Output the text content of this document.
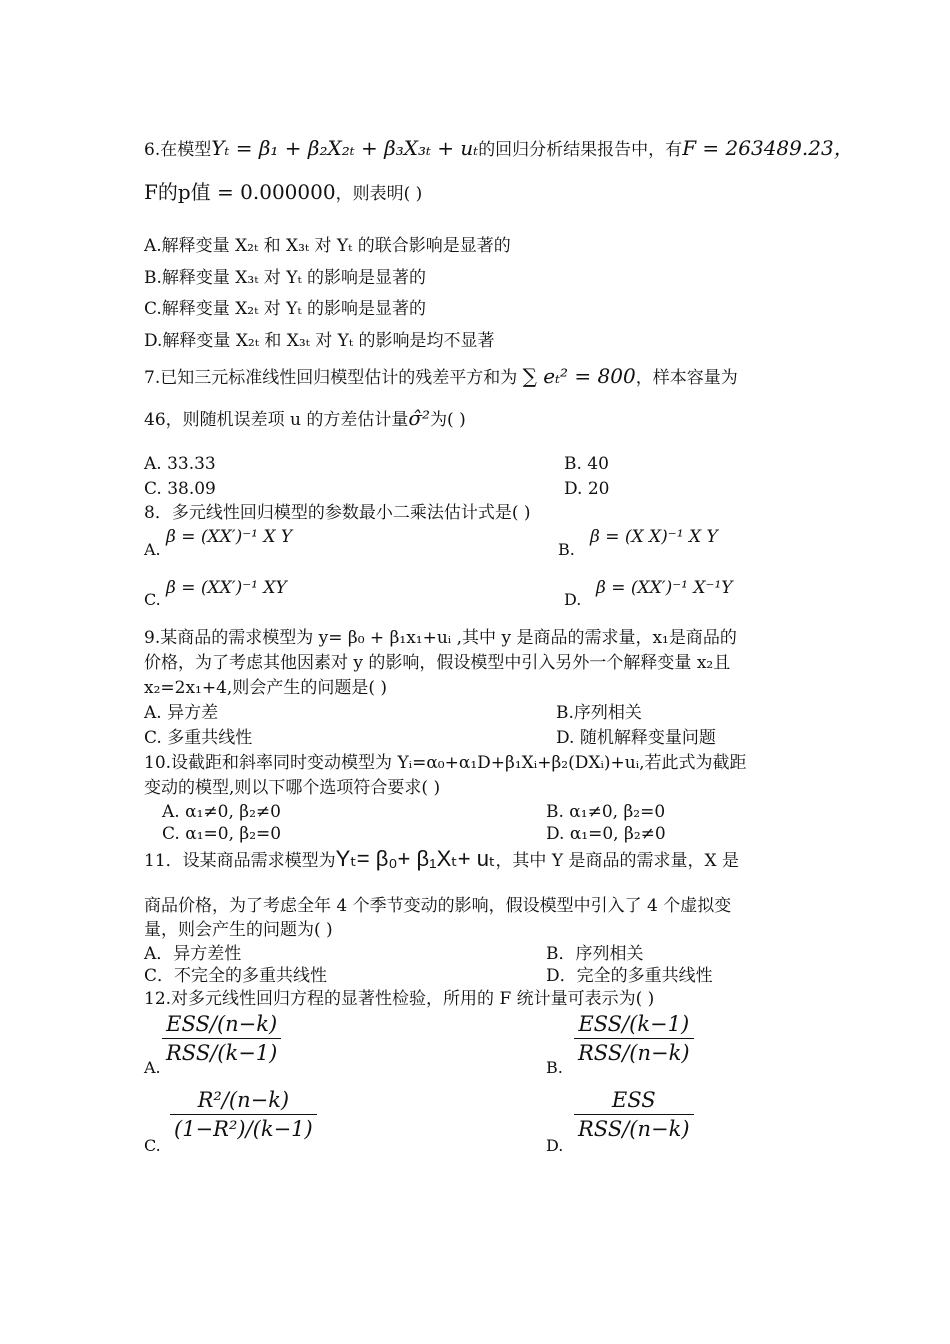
6.在模型Yₜ = β₁ + β₂X₂ₜ + β₃X₃ₜ + uₜ的回归分析结果报告中，有F = 263489.23，
F的p值 = 0.000000，则表明( )
A.解释变量 X₂ₜ 和 X₃ₜ 对 Yₜ 的联合影响是显著的
B.解释变量 X₃ₜ 对 Yₜ 的影响是显著的
C.解释变量 X₂ₜ 对 Yₜ 的影响是显著的
D.解释变量 X₂ₜ 和 X₃ₜ 对 Yₜ 的影响是均不显著
7.已知三元标准线性回归模型估计的残差平方和为 ∑ eₜ² = 800，样本容量为
46，则随机误差项 u 的方差估计量σ̂²为( )
A. 33.33	B. 40
C. 38.09	D. 20
8．多元线性回归模型的参数最小二乘法估计式是( )
A.
β = (XX′)⁻¹ X Y
B.
β = (X X)⁻¹ X Y
C.
β = (XX′)⁻¹ XY
D.
β = (XX′)⁻¹ X⁻¹Y
9.某商品的需求模型为 y= β₀ + β₁x₁+uᵢ ,其中 y 是商品的需求量，x₁是商品的
价格，为了考虑其他因素对 y 的影响，假设模型中引入另外一个解释变量 x₂且
x₂=2x₁+4,则会产生的问题是( )
A. 异方差	B.序列相关
C. 多重共线性	D. 随机解释变量问题
10.设截距和斜率同时变动模型为 Yᵢ=α₀+α₁D+β₁Xᵢ+β₂(DXᵢ)+uᵢ,若此式为截距
变动的模型,则以下哪个选项符合要求( )
A. α₁≠0, β₂≠0	B. α₁≠0, β₂=0
C. α₁=0, β₂=0	D. α₁=0, β₂≠0
11．设某商品需求模型为Yₜ= β₀+ β₁Xₜ+ uₜ，其中 Y 是商品的需求量，X 是
商品价格，为了考虑全年 4 个季节变动的影响，假设模型中引入了 4 个虚拟变
量，则会产生的问题为( )
A．异方差性	B．序列相关
C．不完全的多重共线性	D．完全的多重共线性
12.对多元线性回归方程的显著性检验，所用的 F 统计量可表示为( )
A.
ESS/(n−k)
RSS/(k−1)
B.
ESS/(k−1)
RSS/(n−k)
C.
$\frac{\text{R²/(n−k)}}{\text{(1−R²)/(k−1)}}$
D.
ESS
RSS/(n−k)
